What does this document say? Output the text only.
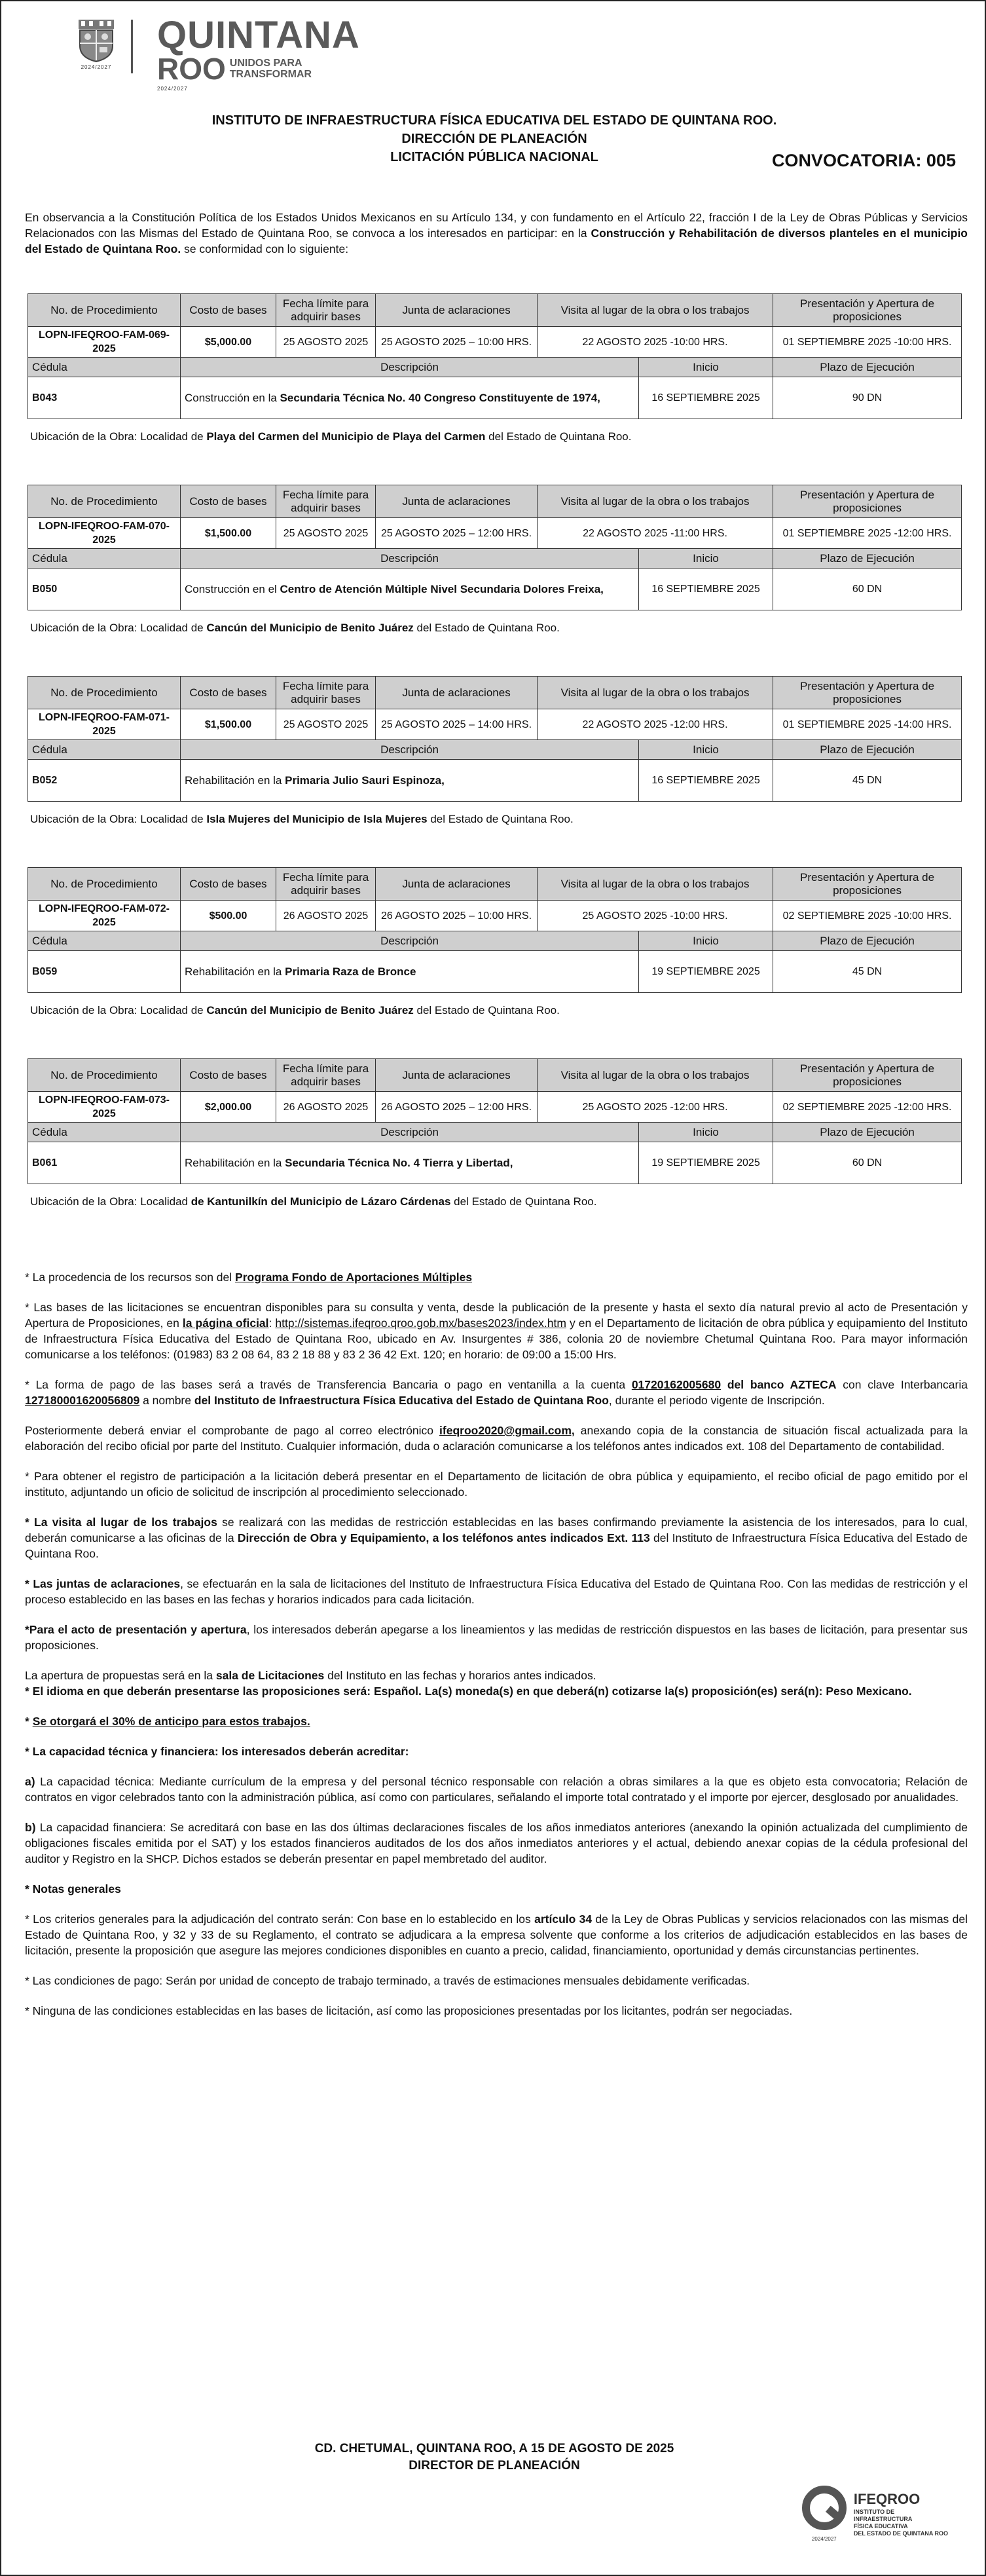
2024/2027
QUINTANA
ROO UNIDOS PARA
TRANSFORMAR
2024/2027
INSTITUTO DE INFRAESTRUCTURA FÍSICA EDUCATIVA DEL ESTADO DE QUINTANA ROO.
DIRECCIÓN DE PLANEACIÓN
LICITACIÓN PÚBLICA NACIONAL	CONVOCATORIA: 005
En observancia a la Constitución Política de los Estados Unidos Mexicanos en su Artículo 134, y con fundamento en el Artículo 22, fracción I de la Ley de Obras Públicas y Servicios Relacionados con las Mismas del Estado de Quintana Roo, se convoca a los interesados en participar: en la Construcción y Rehabilitación de diversos planteles en el municipio del Estado de Quintana Roo. se conformidad con lo siguiente:
No. de Procedimiento	Costo de bases	Fecha límite para adquirir bases	Junta de aclaraciones	Visita al lugar de la obra o los trabajos		Presentación y Apertura de proposiciones
LOPN-IFEQROO-FAM-069-2025	$5,000.00	25 AGOSTO 2025	25 AGOSTO 2025 – 10:00 HRS.	22 AGOSTO 2025 -10:00 HRS.		01 SEPTIEMBRE 2025 -10:00 HRS.
Cédula	Descripción				Inicio	Plazo de Ejecución
B043	Construcción en la Secundaria Técnica No. 40 Congreso Constituyente de 1974,				16 SEPTIEMBRE 2025	90 DN
Ubicación de la Obra: Localidad de Playa del Carmen del Municipio de Playa del Carmen del Estado de Quintana Roo.
No. de Procedimiento	Costo de bases	Fecha límite para adquirir bases	Junta de aclaraciones	Visita al lugar de la obra o los trabajos		Presentación y Apertura de proposiciones
LOPN-IFEQROO-FAM-070-2025	$1,500.00	25 AGOSTO 2025	25 AGOSTO 2025 – 12:00 HRS.	22 AGOSTO 2025 -11:00 HRS.		01 SEPTIEMBRE 2025 -12:00 HRS.
Cédula	Descripción				Inicio	Plazo de Ejecución
B050	Construcción en el Centro de Atención Múltiple Nivel Secundaria Dolores Freixa,				16 SEPTIEMBRE 2025	60 DN
Ubicación de la Obra: Localidad de Cancún del Municipio de Benito Juárez del Estado de Quintana Roo.
No. de Procedimiento	Costo de bases	Fecha límite para adquirir bases	Junta de aclaraciones	Visita al lugar de la obra o los trabajos		Presentación y Apertura de proposiciones
LOPN-IFEQROO-FAM-071-2025	$1,500.00	25 AGOSTO 2025	25 AGOSTO 2025 – 14:00 HRS.	22 AGOSTO 2025 -12:00 HRS.		01 SEPTIEMBRE 2025 -14:00 HRS.
Cédula	Descripción				Inicio	Plazo de Ejecución
B052	Rehabilitación en la Primaria Julio Sauri Espinoza,				16 SEPTIEMBRE 2025	45 DN
Ubicación de la Obra: Localidad de Isla Mujeres del Municipio de Isla Mujeres del Estado de Quintana Roo.
No. de Procedimiento	Costo de bases	Fecha límite para adquirir bases	Junta de aclaraciones	Visita al lugar de la obra o los trabajos		Presentación y Apertura de proposiciones
LOPN-IFEQROO-FAM-072-2025	$500.00	26 AGOSTO 2025	26 AGOSTO 2025 – 10:00 HRS.	25 AGOSTO 2025 -10:00 HRS.		02 SEPTIEMBRE 2025 -10:00 HRS.
Cédula	Descripción				Inicio	Plazo de Ejecución
B059	Rehabilitación en la Primaria Raza de Bronce				19 SEPTIEMBRE 2025	45 DN
Ubicación de la Obra: Localidad de Cancún del Municipio de Benito Juárez del Estado de Quintana Roo.
No. de Procedimiento	Costo de bases	Fecha límite para adquirir bases	Junta de aclaraciones	Visita al lugar de la obra o los trabajos		Presentación y Apertura de proposiciones
LOPN-IFEQROO-FAM-073-2025	$2,000.00	26 AGOSTO 2025	26 AGOSTO 2025 – 12:00 HRS.	25 AGOSTO 2025 -12:00 HRS.		02 SEPTIEMBRE 2025 -12:00 HRS.
Cédula	Descripción				Inicio	Plazo de Ejecución
B061	Rehabilitación en la Secundaria Técnica No. 4 Tierra y Libertad,				19 SEPTIEMBRE 2025	60 DN
Ubicación de la Obra: Localidad de Kantunilkín del Municipio de Lázaro Cárdenas del Estado de Quintana Roo.

* La procedencia de los recursos son del Programa Fondo de Aportaciones Múltiples

* Las bases de las licitaciones se encuentran disponibles para su consulta y venta, desde la publicación de la presente y hasta el sexto día natural previo al acto de Presentación y Apertura de Proposiciones, en la página oficial: http://sistemas.ifeqroo.qroo.gob.mx/bases2023/index.htm y en el Departamento de licitación de obra pública y equipamiento del Instituto de Infraestructura Física Educativa del Estado de Quintana Roo, ubicado en Av. Insurgentes # 386, colonia 20 de noviembre Chetumal Quintana Roo. Para mayor información comunicarse a los teléfonos: (01983) 83 2 08 64, 83 2 18 88 y 83 2 36 42 Ext. 120; en horario: de 09:00 a 15:00 Hrs.

* La forma de pago de las bases será a través de Transferencia Bancaria o pago en ventanilla a la cuenta 01720162005680 del banco AZTECA con clave Interbancaria 127180001620056809 a nombre del Instituto de Infraestructura Física Educativa del Estado de Quintana Roo, durante el periodo vigente de Inscripción.

Posteriormente deberá enviar el comprobante de pago al correo electrónico ifeqroo2020@gmail.com, anexando copia de la constancia de situación fiscal actualizada para la elaboración del recibo oficial por parte del Instituto. Cualquier información, duda o aclaración comunicarse a los teléfonos antes indicados ext. 108 del Departamento de contabilidad.

* Para obtener el registro de participación a la licitación deberá presentar en el Departamento de licitación de obra pública y equipamiento, el recibo oficial de pago emitido por el instituto, adjuntando un oficio de solicitud de inscripción al procedimiento seleccionado.

* La visita al lugar de los trabajos se realizará con las medidas de restricción establecidas en las bases confirmando previamente la asistencia de los interesados, para lo cual, deberán comunicarse a las oficinas de la Dirección de Obra y Equipamiento, a los teléfonos antes indicados Ext. 113 del Instituto de Infraestructura Física Educativa del Estado de Quintana Roo.

* Las juntas de aclaraciones, se efectuarán en la sala de licitaciones del Instituto de Infraestructura Física Educativa del Estado de Quintana Roo. Con las medidas de restricción y el proceso establecido en las bases en las fechas y horarios indicados para cada licitación.

*Para el acto de presentación y apertura, los interesados deberán apegarse a los lineamientos y las medidas de restricción dispuestos en las bases de licitación, para presentar sus proposiciones.

La apertura de propuestas será en la sala de Licitaciones del Instituto en las fechas y horarios antes indicados.

* El idioma en que deberán presentarse las proposiciones será: Español. La(s) moneda(s) en que deberá(n) cotizarse la(s) proposición(es) será(n): Peso Mexicano.

* Se otorgará el 30% de anticipo para estos trabajos.

* La capacidad técnica y financiera: los interesados deberán acreditar:

a) La capacidad técnica: Mediante currículum de la empresa y del personal técnico responsable con relación a obras similares a la que es objeto esta convocatoria; Relación de contratos en vigor celebrados tanto con la administración pública, así como con particulares, señalando el importe total contratado y el importe por ejercer, desglosado por anualidades.

b) La capacidad financiera: Se acreditará con base en las dos últimas declaraciones fiscales de los años inmediatos anteriores (anexando la opinión actualizada del cumplimiento de obligaciones fiscales emitida por el SAT) y los estados financieros auditados de los dos años inmediatos anteriores y el actual, debiendo anexar copias de la cédula profesional del auditor y Registro en la SHCP. Dichos estados se deberán presentar en papel membretado del auditor.

* Notas generales

* Los criterios generales para la adjudicación del contrato serán: Con base en lo establecido en los artículo 34 de la Ley de Obras Publicas y servicios relacionados con las mismas del Estado de Quintana Roo, y 32 y 33 de su Reglamento, el contrato se adjudicara a la empresa solvente que conforme a los criterios de adjudicación establecidos en las bases de licitación, presente la proposición que asegure las mejores condiciones disponibles en cuanto a precio, calidad, financiamiento, oportunidad y demás circunstancias pertinentes.

* Las condiciones de pago: Serán por unidad de concepto de trabajo terminado, a través de estimaciones mensuales debidamente verificadas.

* Ninguna de las condiciones establecidas en las bases de licitación, así como las proposiciones presentadas por los licitantes, podrán ser negociadas.

CD. CHETUMAL, QUINTANA ROO, A 15 DE AGOSTO DE 2025
DIRECTOR DE PLANEACIÓN
2024/2027
IFEQROO
INSTITUTO DE
INFRAESTRUCTURA
FÍSICA EDUCATIVA
DEL ESTADO DE QUINTANA ROO
